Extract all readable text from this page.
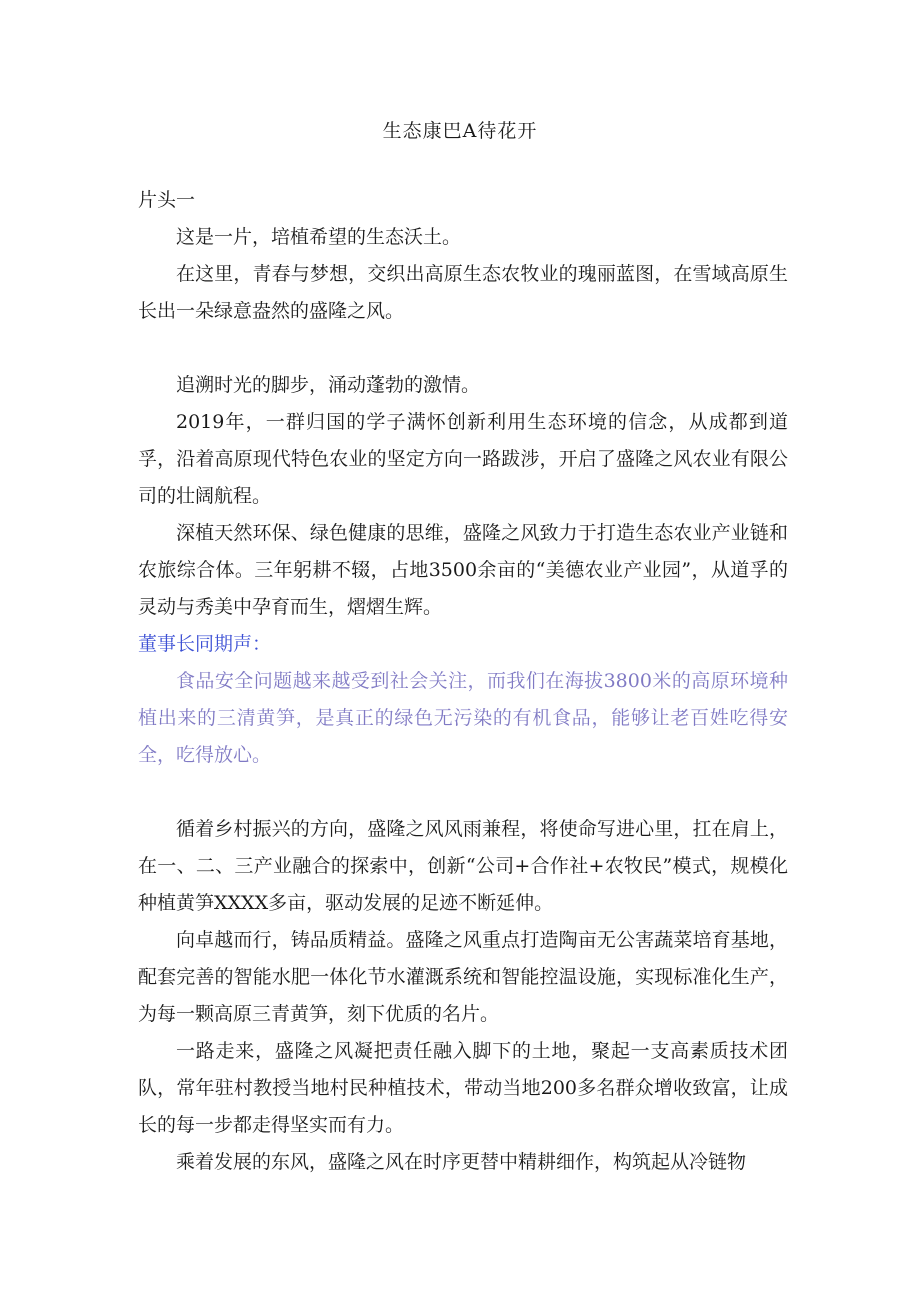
生态康巴A待花开

片头一

这是一片，培植希望的生态沃土。

在这里，青春与梦想，交织出高原生态农牧业的瑰丽蓝图，在雪域高原生长出一朵绿意盎然的盛隆之风。

追溯时光的脚步，涌动蓬勃的激情。

2019年，一群归国的学子满怀创新利用生态环境的信念，从成都到道孚，沿着高原现代特色农业的坚定方向一路跋涉，开启了盛隆之风农业有限公司的壮阔航程。

深植天然环保、绿色健康的思维，盛隆之风致力于打造生态农业产业链和农旅综合体。三年躬耕不辍，占地3500余亩的“美德农业产业园”，从道孚的灵动与秀美中孕育而生，熠熠生辉。

董事长同期声：

食品安全问题越来越受到社会关注，而我们在海拔3800米的高原环境种植出来的三清黄笋，是真正的绿色无污染的有机食品，能够让老百姓吃得安全，吃得放心。

循着乡村振兴的方向，盛隆之风风雨兼程，将使命写进心里，扛在肩上，在一、二、三产业融合的探索中，创新“公司+合作社+农牧民”模式，规模化种植黄笋XXXX多亩，驱动发展的足迹不断延伸。

向卓越而行，铸品质精益。盛隆之风重点打造陶亩无公害蔬菜培育基地，配套完善的智能水肥一体化节水灌溉系统和智能控温设施，实现标准化生产，为每一颗高原三青黄笋，刻下优质的名片。

一路走来，盛隆之风凝把责任融入脚下的土地，聚起一支高素质技术团队，常年驻村教授当地村民种植技术，带动当地200多名群众增收致富，让成长的每一步都走得坚实而有力。

乘着发展的东风，盛隆之风在时序更替中精耕细作，构筑起从冷链物
